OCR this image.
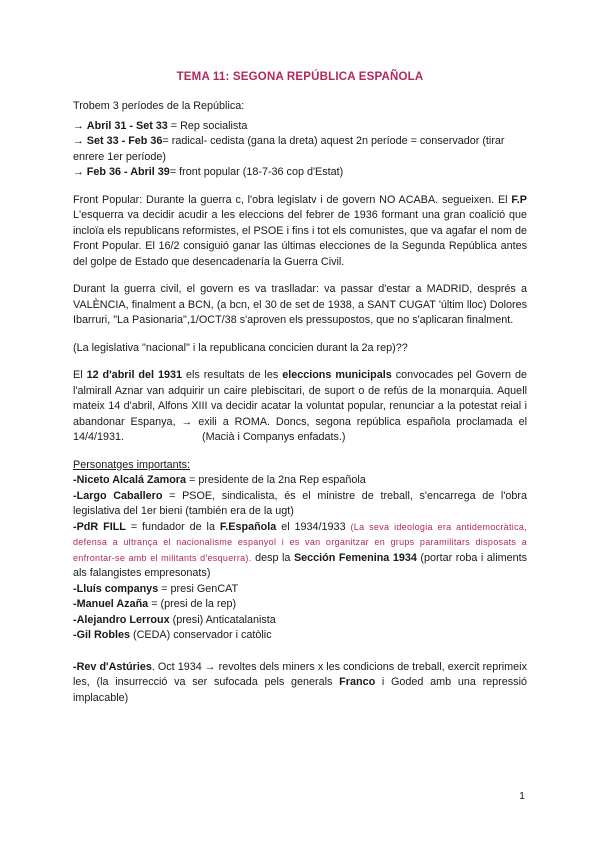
TEMA 11: SEGONA REPÚBLICA ESPAÑOLA

Trobem 3 períodes de la República:

→ Abril 31 - Set 33 = Rep socialista

→ Set 33 - Feb 36= radical- cedista (gana la dreta) aquest 2n període = conservador (tirar enrere 1er període)

→ Feb 36 - Abril 39= front popular (18-7-36 cop d'Estat)

Front Popular: Durante la guerra c, l'obra legislatv i de govern NO ACABA. segueixen. El F.P L'esquerra va decidir acudir a les eleccions del febrer de 1936 formant una gran coalició que incloïa els republicans reformistes, el PSOE i fins i tot els comunistes, que va agafar el nom de Front Popular. El 16/2 consiguió ganar las últimas elecciones de la Segunda República antes del golpe de Estado que desencadenaría la Guerra Civil.

Durant la guerra civil, el govern es va traslladar: va passar d'estar a MADRID, després a VALÈNCIA, finalment a BCN, (a bcn, el 30 de set de 1938, a SANT CUGAT 'últim lloc) Dolores Ibarruri, "La Pasionaria",1/OCT/38 s'aproven els pressupostos, que no s'aplicaran finalment.

(La legislativa "nacional" i la republicana concicien durant la 2a rep)??

El 12 d'abril del 1931 els resultats de les eleccions municipals convocades pel Govern de l'almirall Aznar van adquirir un caire plebiscitari, de suport o de refús de la monarquia. Aquell mateix 14 d'abril, Alfons XIII va decidir acatar la voluntat popular, renunciar a la potestat reial i abandonar Espanya, → exili a ROMA. Doncs, segona república española proclamada el 14/4/1931.	(Macià i Companys enfadats.)

Personatges importants:

-Niceto Alcalá Zamora = presidente de la 2na Rep española

-Largo Caballero = PSOE, sindicalista, és el ministre de treball, s'encarrega de l'obra legislativa del 1er bieni (también era de la ugt)

-PdR FILL = fundador de la F.Española el 1934/1933 (La seva ideologia era antidemocràtica, defensa a ultrança el nacionalisme espanyol i es van organitzar en grups paramilitars disposats a enfrontar-se amb el militants d'esquerra). desp la Sección Femenina 1934 (portar roba i aliments als falangistes empresonats)

-Lluís companys = presi GenCAT

-Manuel Azaña = (presi de la rep)

-Alejandro Lerroux (presi) Anticatalanista

-Gil Robles (CEDA) conservador i catòlic

-Rev d'Astúries. Oct 1934 → revoltes dels miners x les condicions de treball, exercit reprimeix les, (la insurrecció va ser sufocada pels generals Franco i Goded amb una repressió implacable)

1
